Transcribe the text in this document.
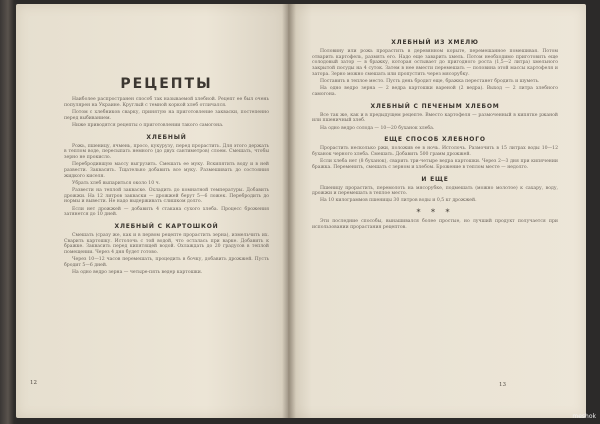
РЕЦЕПТЫ

Наиболее распространен способ так называемой хлебной. Рецепт ее был очень популярен на Украине. Круглый с темной коркой хлеб отличался.

Потом с хлебников сварку, принятую на приготовление закваски, постепенно перед выбиванием.

Ниже приводятся рецепты о приготовлении такого самогона.

ХЛЕБНЫЙ

Рожь, пшеницу, ячмень, просо, кукурузу, перед прорастить. Для этого держать в теплом воде, пересыпать немного (до двух сантиметров) слоем. Смешать, чтобы зерно не прокисло.

Перебродившую массу выгрузить. Смешать ее муку. Вскипятить воду и в ней развести. Заквасить. Тщательно добавить все муку. Размешивать до состояния жидкого киселя.

Убрать хлеб выпариться около 10 ч.

Развести на теплой закваске. Охладить до комнатной температуры. Добавить дрожжи. На 12 литров закваски — дрожжей берут 5—6 ложек. Перебродить до нормы и вывести. Не надо выдерживать слишком долго.

Если нет дрожжей — добавить 4 стакана сухого хлеба. Процесс брожения затянется до 10 дней.

ХЛЕБНЫЙ С КАРТОШКОЙ

Смешать (сразу же, как и в первом рецепте прорастить зерна), измельчить их. Сварить картошку. Истолочь с той водой, что осталась при варке. Добавить к бражке. Заквасить перед кипятящей водой. Охлаждать до 20 градусов в теплой помещении. Через 4 дня будет готово.

Через 10—12 часов перемешать, процедить в бочку, добавить дрожжей. Пусть бродит 5—6 дней.

На одно ведро зерна — четыре-пять ведер картошки.

12
ХЛЕБНЫЙ ИЗ ХМЕЛЮ

Половину или рожь прорастить в деревянном корыте, перемешанное помешивая. Потом отварить картофель, размять его. Надо еще заварить хмель. Потом необходимо приготовить еще солодовый затор — в бражку, которая остывает до пригодного роста (1,5—2 литра) хмельного закрытой посуды на 4 суток. Затем в нее вмести перемешать — половина этой массы картофеля и затора. Зерно можно смешать или пропустить через мясорубку.

Поставить в теплое место. Пусть день бродит еще, бражка перестанет бродить и шуметь.

На одно ведро зерна — 2 ведра картошки вареной (2 ведра). Выход — 2 литра хлебного самогона.

ХЛЕБНЫЙ С ПЕЧЕНЫМ ХЛЕБОМ

Все так же, как и в предыдущем рецепте. Вместо картофеля — размоченный в кипятке ржаной или пшеничный хлеб.

На одно ведро солода — 10—20 буханок хлеба.

ЕЩЕ СПОСОБ ХЛЕБНОГО

Прорастить несколько ржи, положив ее в ночь. Истолочь. Размочить в 15 литрах воды 10—12 буханок черного хлеба. Смешать. Добавить 500 грамм дрожжей.

Если хлеба нет (8 буханок), сварить три-четыре ведра картошки. Через 2—3 дня при кипячении бражка. Переменить, смешать с зерном и хлебом. Брожение в теплом месте — недолго.

И ЕЩЕ

Пшеницу прорастить, перемолоть на мясорубке, подмешать (можно молотое) к сахару, воду, дрожжи и перемешать в теплое место.

На 10 килограммов пшеницы 30 литров воды и 0,5 кг дрожжей.

* * *

Эти последние способы, вынашивался более простые, но лучший продукт получается при использовании прорастания рецептов.

13
meshok
